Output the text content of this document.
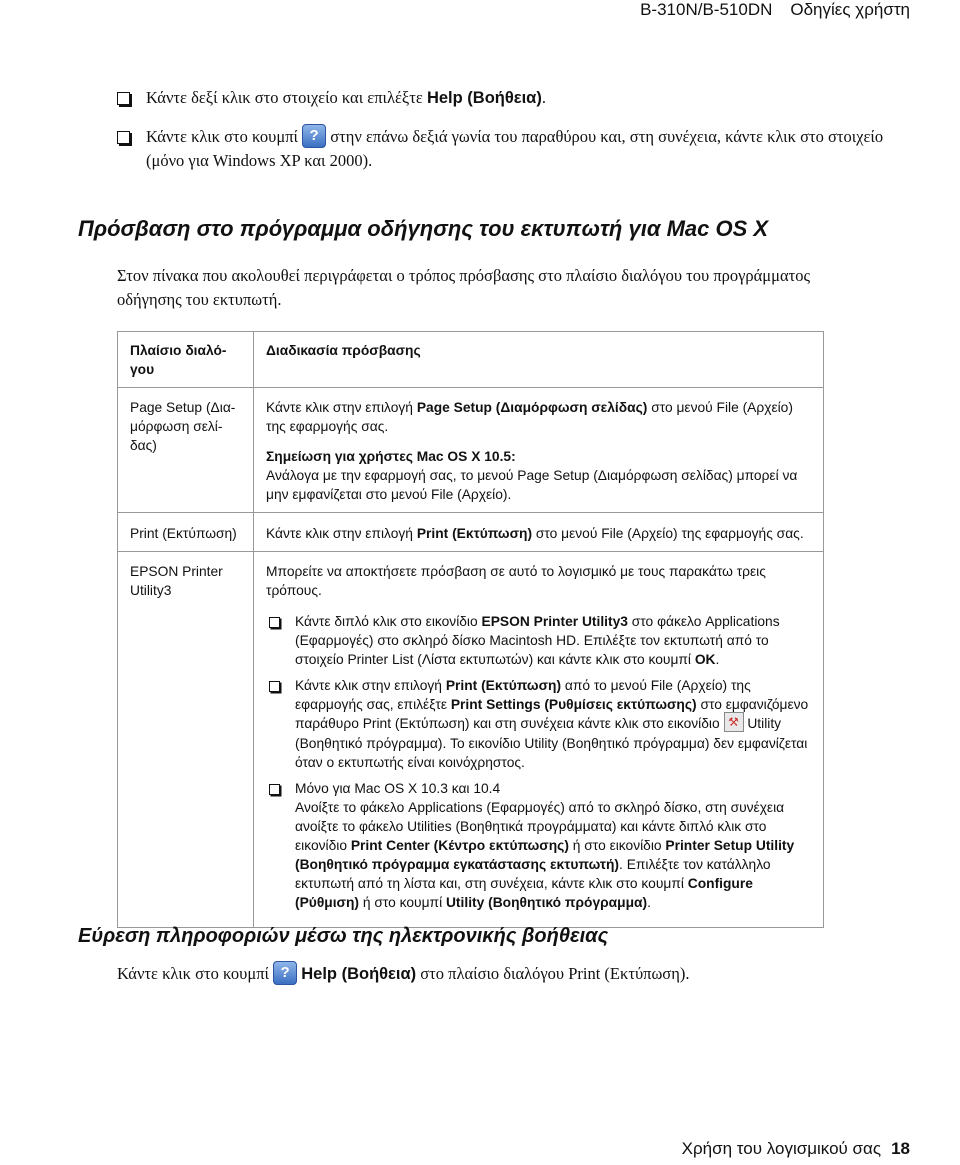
B-310N/B-510DN Οδηγίες χρήστη
Κάντε δεξί κλικ στο στοιχείο και επιλέξτε Help (Βοήθεια).
Κάντε κλικ στο κουμπί ? στην επάνω δεξιά γωνία του παραθύρου και, στη συνέχεια, κάντε κλικ στο στοιχείο (μόνο για Windows XP και 2000).
Πρόσβαση στο πρόγραμμα οδήγησης του εκτυπωτή για Mac OS X
Στον πίνακα που ακολουθεί περιγράφεται ο τρόπος πρόσβασης στο πλαίσιο διαλόγου του προγράμματος οδήγησης του εκτυπωτή.
Πλαίσιο διαλό-γου	Διαδικασία πρόσβασης
Page Setup (Δια-μόρφωση σελί-δας)	Κάντε κλικ στην επιλογή Page Setup (Διαμόρφωση σελίδας) στο μενού File (Αρχείο) της εφαρμογής σας.

Σημείωση για χρήστες Mac OS X 10.5:

Ανάλογα με την εφαρμογή σας, το μενού Page Setup (Διαμόρφωση σελίδας) μπορεί να μην εμφανίζεται στο μενού File (Αρχείο).

Print (Εκτύπωση)	Κάντε κλικ στην επιλογή Print (Εκτύπωση) στο μενού File (Αρχείο) της εφαρμογής σας.
EPSON Printer Utility3	Μπορείτε να αποκτήσετε πρόσβαση σε αυτό το λογισμικό με τους παρακάτω τρεις τρόπους.

Κάντε διπλό κλικ στο εικονίδιο EPSON Printer Utility3 στο φάκελο Applications (Εφαρμογές) στο σκληρό δίσκο Macintosh HD. Επιλέξτε τον εκτυπωτή από το στοιχείο Printer List (Λίστα εκτυπωτών) και κάντε κλικ στο κουμπί OK.
Κάντε κλικ στην επιλογή Print (Εκτύπωση) από το μενού File (Αρχείο) της εφαρμογής σας, επιλέξτε Print Settings (Ρυθμίσεις εκτύπωσης) στο εμφανιζόμενο παράθυρο Print (Εκτύπωση) και στη συνέχεια κάντε κλικ στο εικονίδιο ⚒ Utility (Βοηθητικό πρόγραμμα). Το εικονίδιο Utility (Βοηθητικό πρόγραμμα) δεν εμφανίζεται όταν ο εκτυπωτής είναι κοινόχρηστος.
Μόνο για Mac OS X 10.3 και 10.4
Ανοίξτε το φάκελο Applications (Εφαρμογές) από το σκληρό δίσκο, στη συνέχεια ανοίξτε το φάκελο Utilities (Βοηθητικά προγράμματα) και κάντε διπλό κλικ στο εικονίδιο Print Center (Κέντρο εκτύπωσης) ή στο εικονίδιο Printer Setup Utility (Βοηθητικό πρόγραμμα εγκατάστασης εκτυπωτή). Επιλέξτε τον κατάλληλο εκτυπωτή από τη λίστα και, στη συνέχεια, κάντε κλικ στο κουμπί Configure (Ρύθμιση) ή στο κουμπί Utility (Βοηθητικό πρόγραμμα).
Εύρεση πληροφοριών μέσω της ηλεκτρονικής βοήθειας
Κάντε κλικ στο κουμπί ? Help (Βοήθεια) στο πλαίσιο διαλόγου Print (Εκτύπωση).
Χρήση του λογισμικού σας 18
